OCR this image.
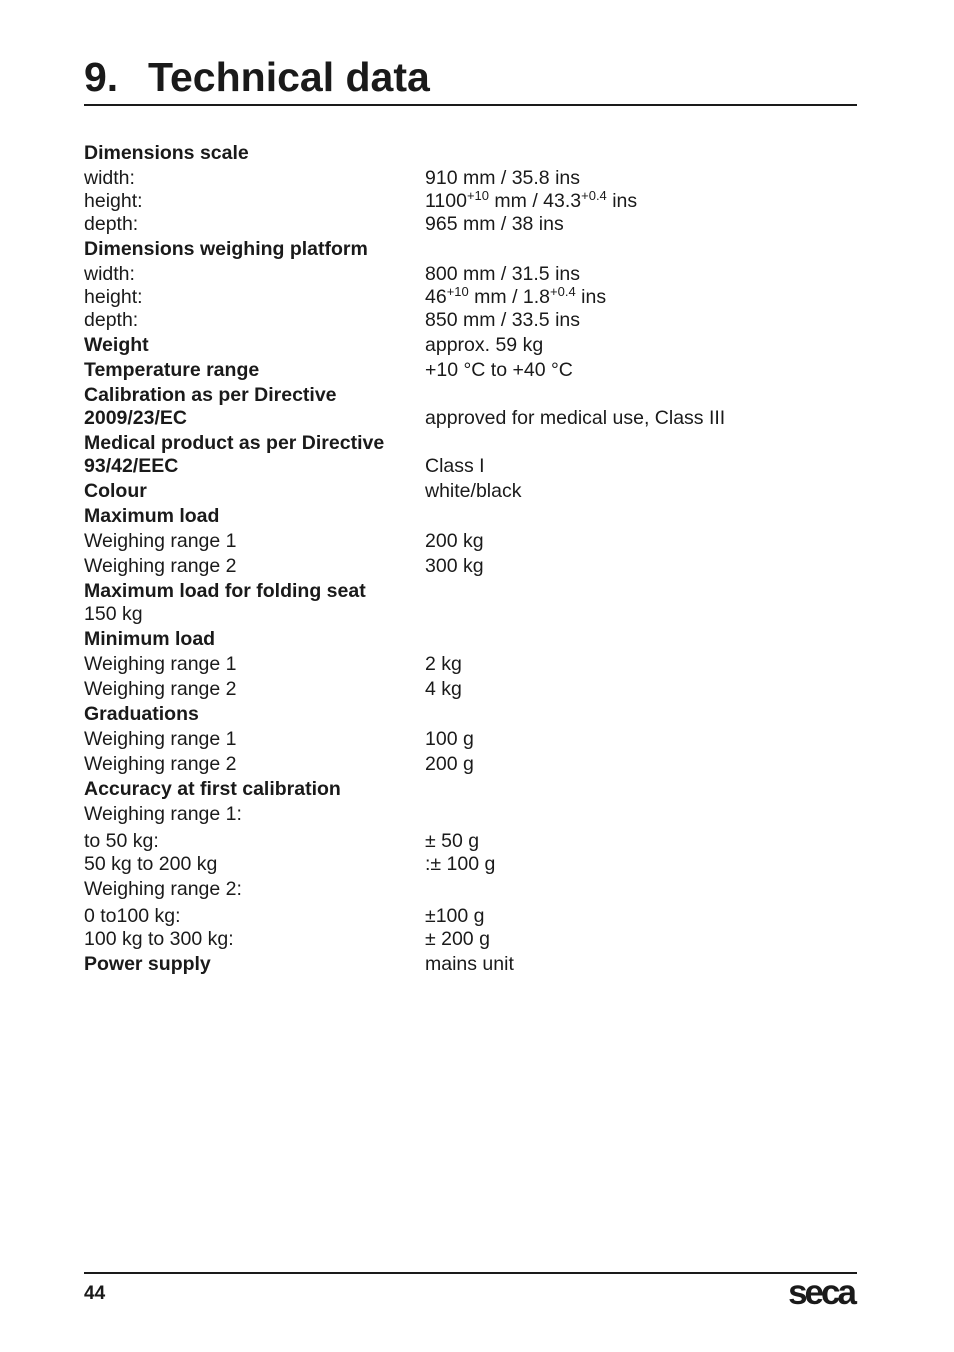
9. Technical data
Dimensions scale
width:	910 mm / 35.8 ins
height:	$1100^{+10}$ mm / $43.3^{+0.4}$ ins
depth:	965 mm / 38 ins
Dimensions weighing platform
width:	800 mm / 31.5 ins
height:	$46^{+10}$ mm / $1.8^{+0.4}$ ins
depth:	850 mm / 33.5 ins
Weight	approx. 59 kg
Temperature range	+10 °C to +40 °C
Calibration as per Directive
2009/23/EC	approved for medical use, Class III
Medical product as per Directive
93/42/EEC	Class I
Colour	white/black
Maximum load
Weighing range 1	200 kg
Weighing range 2	300 kg
Maximum load for folding seat
150 kg
Minimum load
Weighing range 1	2 kg
Weighing range 2	4 kg
Graduations
Weighing range 1	100 g
Weighing range 2	200 g
Accuracy at first calibration
Weighing range 1:
to 50 kg:	± 50 g
50 kg to 200 kg	:± 100 g
Weighing range 2:
0 to100 kg:	±100 g
100 kg to 300 kg:	± 200 g
Power supply	mains unit
44	seca
